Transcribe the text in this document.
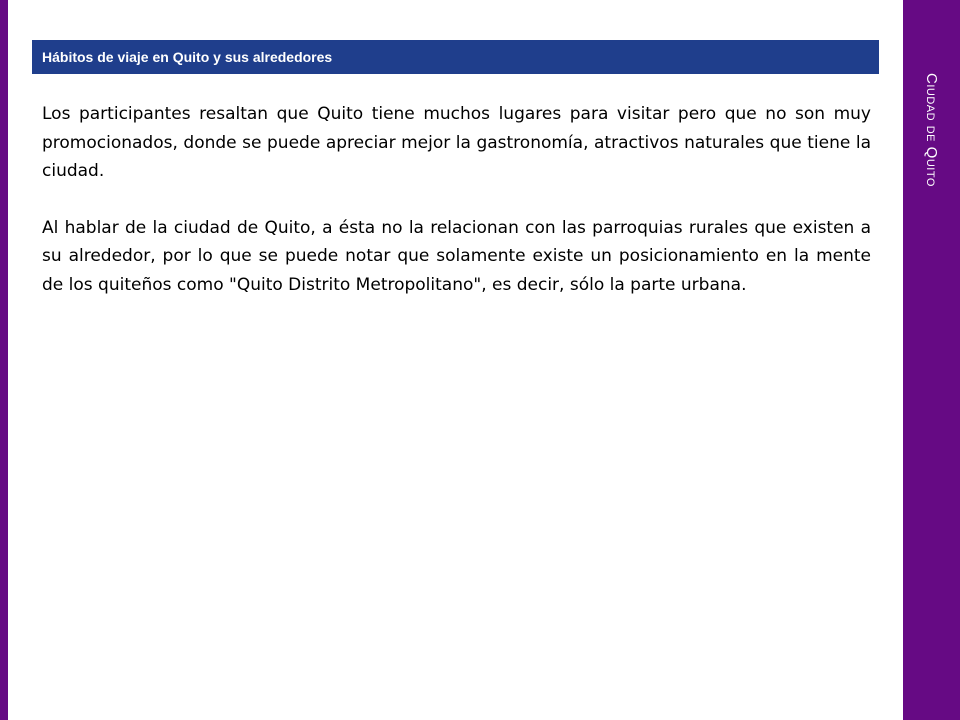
Ciudad de Quito
Hábitos de viaje en Quito y sus alrededores

Los participantes resaltan que Quito tiene muchos lugares para visitar pero que no son muy promocionados, donde se puede apreciar mejor la gastronomía, atractivos naturales que tiene la ciudad.

Al hablar de la ciudad de Quito, a ésta no la relacionan con las parroquias rurales que existen a su alrededor, por lo que se puede notar que solamente existe un posicionamiento en la mente de los quiteños como "Quito Distrito Metropolitano", es decir, sólo la parte urbana.
